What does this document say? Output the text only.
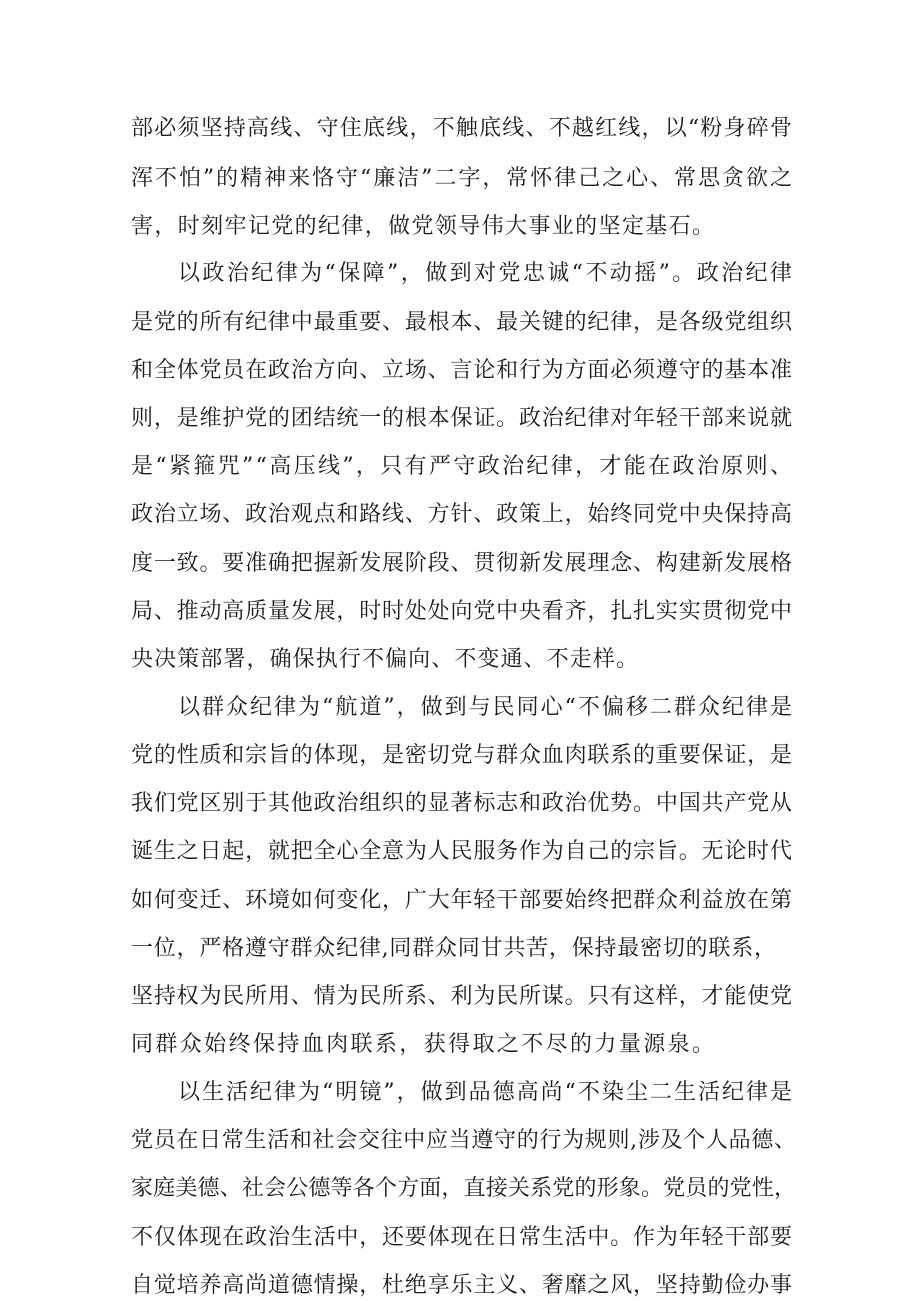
部必须坚持高线、守住底线，不触底线、不越红线，以“粉身碎骨
浑不怕”的精神来恪守“廉洁”二字，常怀律己之心、常思贪欲之
害，时刻牢记党的纪律，做党领导伟大事业的坚定基石。
以政治纪律为“保障”，做到对党忠诚“不动摇”。政治纪律
是党的所有纪律中最重要、最根本、最关键的纪律，是各级党组织
和全体党员在政治方向、立场、言论和行为方面必须遵守的基本准
则，是维护党的团结统一的根本保证。政治纪律对年轻干部来说就
是“紧箍咒”“高压线”，只有严守政治纪律，才能在政治原则、
政治立场、政治观点和路线、方针、政策上，始终同党中央保持高
度一致。要准确把握新发展阶段、贯彻新发展理念、构建新发展格
局、推动高质量发展，时时处处向党中央看齐，扎扎实实贯彻党中
央决策部署，确保执行不偏向、不变通、不走样。
以群众纪律为“航道”，做到与民同心“不偏移二群众纪律是
党的性质和宗旨的体现，是密切党与群众血肉联系的重要保证，是
我们党区别于其他政治组织的显著标志和政治优势。中国共产党从
诞生之日起，就把全心全意为人民服务作为自己的宗旨。无论时代
如何变迁、环境如何变化，广大年轻干部要始终把群众利益放在第
一位，严格遵守群众纪律,同群众同甘共苦，保持最密切的联系，
坚持权为民所用、情为民所系、利为民所谋。只有这样，才能使党
同群众始终保持血肉联系，获得取之不尽的力量源泉。
以生活纪律为“明镜”，做到品德高尚“不染尘二生活纪律是
党员在日常生活和社会交往中应当遵守的行为规则,涉及个人品德、
家庭美德、社会公德等各个方面，直接关系党的形象。党员的党性，
不仅体现在政治生活中，还要体现在日常生活中。作为年轻干部要
自觉培养高尚道德情操，杜绝享乐主义、奢靡之风，坚持勤俭办事
